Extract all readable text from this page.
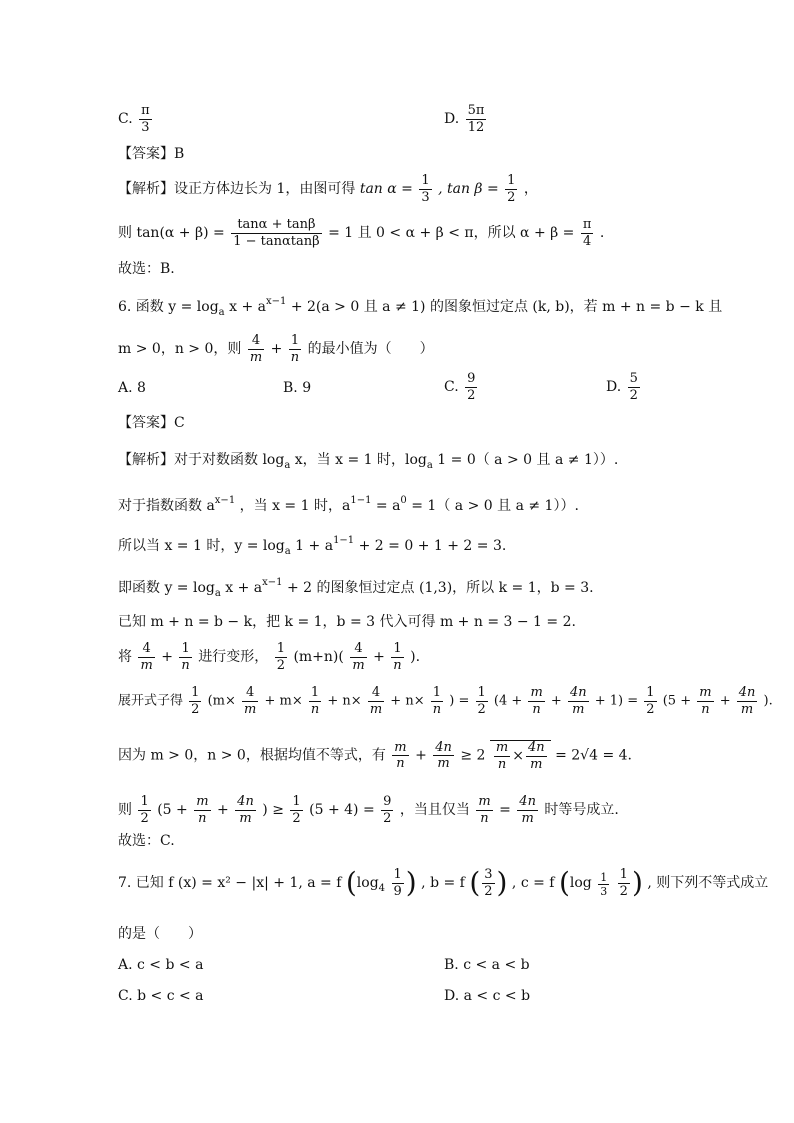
C. $\frac{\pi}{3}$	D. $\frac{5\pi}{12}$
【答案】B
【解析】设正方体边长为 1，由图可得 $\tan \alpha = \frac{1}{3}$ , $\tan \beta = \frac{1}{2}$ ，
则 $\tan(\alpha + \beta) = \frac{\tan\alpha + \tan\beta}{1 - \tan\alpha\tan\beta} = 1$ 且 0 < α + β < π，所以 $\alpha + \beta = \frac{\pi}{4}$ .
故选：B.
6. 函数 $y = \log_a x + a^{x-1} + 2(a > 0$ 且 a ≠ 1) 的图象恒过定点 (k, b)，若 m + n = b − k 且
m > 0，n > 0，则 $\frac{4}{m} + \frac{1}{n}$ 的最小值为（　　）
A. 8	B. 9	C. $\frac{9}{2}$	D. $\frac{5}{2}$
【答案】C
【解析】对于对数函数 $\log_a x$，当 x = 1 时，$\log_a 1 = 0$（ a > 0 且 a ≠ 1））.
对于指数函数 $a^{x-1}$ ，当 x = 1 时，$a^{1-1} = a^0 = 1$（ a > 0 且 a ≠ 1））.
所以当 x = 1 时，$y = \log_a 1 + a^{1-1} + 2 = 0 + 1 + 2 = 3$.
即函数 $y = \log_a x + a^{x-1} + 2$ 的图象恒过定点 (1,3)，所以 k = 1，b = 3.
已知 m + n = b − k，把 k = 1，b = 3 代入可得 m + n = 3 − 1 = 2.
将 $\frac{4}{m} + \frac{1}{n}$ 进行变形， $\frac{1}{2} (m+n)( \frac{4}{m} + \frac{1}{n}$ ).
展开式子得 $\frac{1}{2} (m\times \frac{4}{m} + m\times \frac{1}{n} + n\times \frac{4}{m} + n\times \frac{1}{n}$ ) = $\frac{1}{2} (4 + \frac{m}{n} + \frac{4n}{m} + 1) = \frac{1}{2} (5 + \frac{m}{n} + \frac{4n}{m}$ ).
因为 m > 0，n > 0，根据均值不等式，有 $\frac{m}{n} + \frac{4n}{m} \ge 2 \frac{m}{n} \times \frac{4n}{m} = 2√4 = 4$.
则 $\frac{1}{2} (5 + \frac{m}{n} + \frac{4n}{m}$ ) ≥ $\frac{1}{2} (5 + 4) = \frac{9}{2}$ ，当且仅当 $\frac{m}{n} = \frac{4n}{m}$ 时等号成立.
故选：C.
7. 已知 f (x) = x² − |x| + 1, a = f ($\log_4 \frac{1}{9}$ ) , b = f ( $\frac{3}{2}$ ) , c = f ($\log \frac{1}{3}$
$\frac{1}{2}$ ) , 则下列不等式成立
的是（　　）
A. c < b < a	B. c < a < b
C. b < c < a	D. a < c < b
